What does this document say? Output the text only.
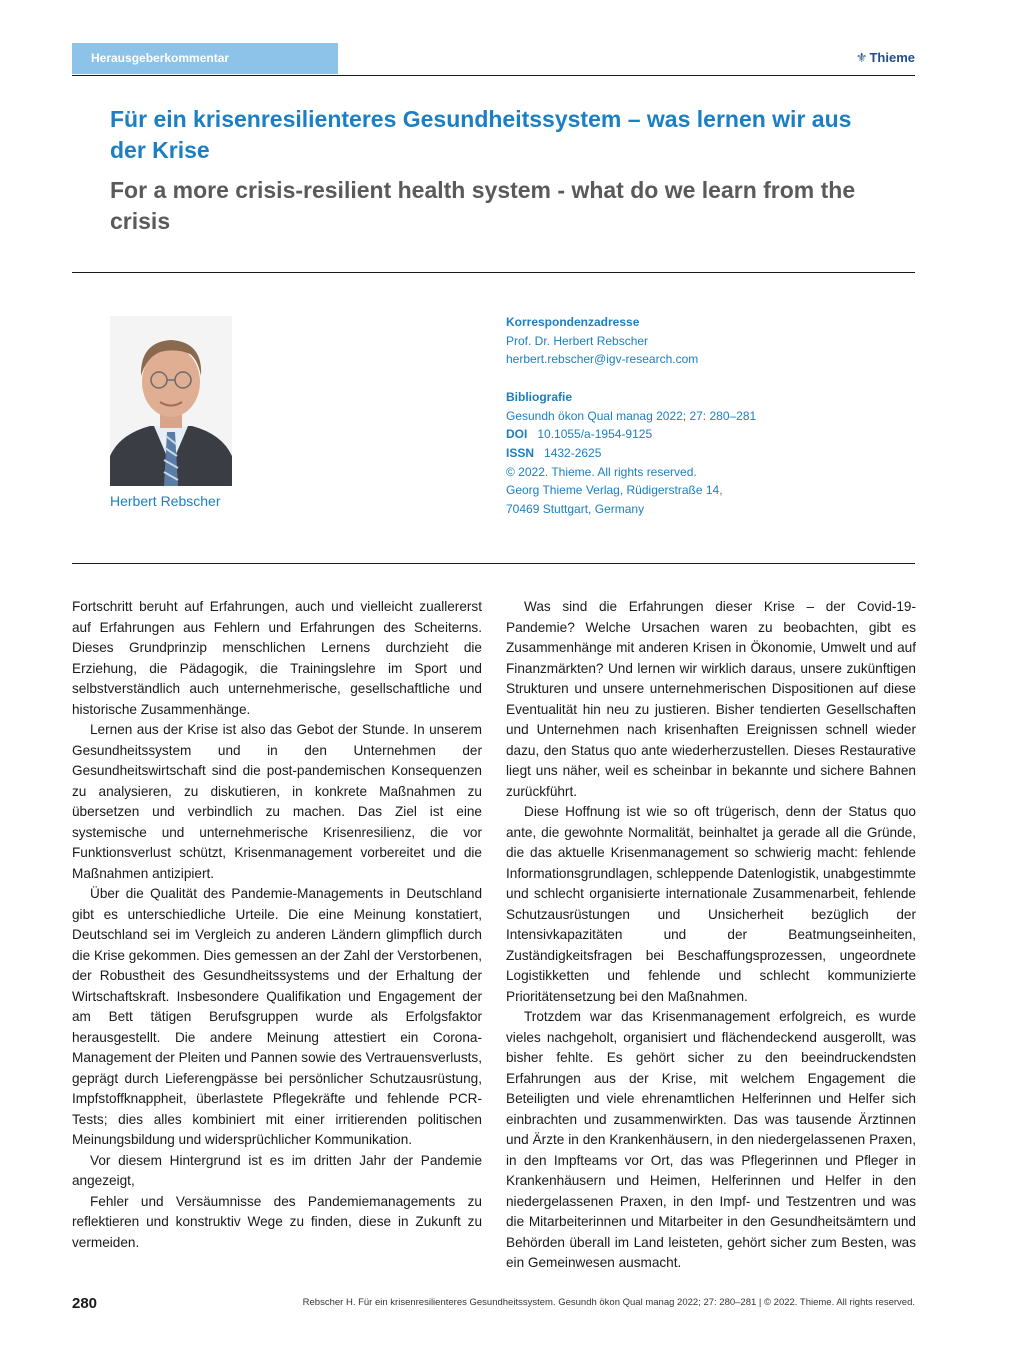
Herausgeberkommentar	⚜ Thieme
Für ein krisenresilienteres Gesundheitssystem – was lernen wir aus der Krise
For a more crisis-resilient health system - what do we learn from the crisis
Herbert Rebscher
Korrespondenzadresse
Prof. Dr. Herbert Rebscher
herbert.rebscher@igv-research.com
Bibliografie
Gesundh ökon Qual manag 2022; 27: 280–281
DOI 10.1055/a-1954-9125
ISSN 1432-2625
© 2022. Thieme. All rights reserved.
Georg Thieme Verlag, Rüdigerstraße 14,
70469 Stuttgart, Germany

Fortschritt beruht auf Erfahrungen, auch und vielleicht zuallererst auf Erfahrungen aus Fehlern und Erfahrungen des Scheiterns. Dieses Grundprinzip menschlichen Lernens durchzieht die Erziehung, die Pädagogik, die Trainingslehre im Sport und selbstverständlich auch unternehmerische, gesellschaftliche und historische Zusammenhänge.

Lernen aus der Krise ist also das Gebot der Stunde. In unserem Gesundheitssystem und in den Unternehmen der Gesundheitswirtschaft sind die post-pandemischen Konsequenzen zu analysieren, zu diskutieren, in konkrete Maßnahmen zu übersetzen und verbindlich zu machen. Das Ziel ist eine systemische und unternehmerische Krisenresilienz, die vor Funktionsverlust schützt, Krisenmanagement vorbereitet und die Maßnahmen antizipiert.

Über die Qualität des Pandemie-Managements in Deutschland gibt es unterschiedliche Urteile. Die eine Meinung konstatiert, Deutschland sei im Vergleich zu anderen Ländern glimpflich durch die Krise gekommen. Dies gemessen an der Zahl der Verstorbenen, der Robustheit des Gesundheitssystems und der Erhaltung der Wirtschaftskraft. Insbesondere Qualifikation und Engagement der am Bett tätigen Berufsgruppen wurde als Erfolgsfaktor herausgestellt. Die andere Meinung attestiert ein Corona-Management der Pleiten und Pannen sowie des Vertrauensverlusts, geprägt durch Lieferengpässe bei persönlicher Schutzausrüstung, Impfstoffknappheit, überlastete Pflegekräfte und fehlende PCR-Tests; dies alles kombiniert mit einer irritierenden politischen Meinungsbildung und widersprüchlicher Kommunikation.

Vor diesem Hintergrund ist es im dritten Jahr der Pandemie angezeigt,

Fehler und Versäumnisse des Pandemiemanagements zu reflektieren und konstruktiv Wege zu finden, diese in Zukunft zu vermeiden.

Was sind die Erfahrungen dieser Krise – der Covid-19-Pandemie? Welche Ursachen waren zu beobachten, gibt es Zusammenhänge mit anderen Krisen in Ökonomie, Umwelt und auf Finanzmärkten? Und lernen wir wirklich daraus, unsere zukünftigen Strukturen und unsere unternehmerischen Dispositionen auf diese Eventualität hin neu zu justieren. Bisher tendierten Gesellschaften und Unternehmen nach krisenhaften Ereignissen schnell wieder dazu, den Status quo ante wiederherzustellen. Dieses Restaurative liegt uns näher, weil es scheinbar in bekannte und sichere Bahnen zurückführt.

Diese Hoffnung ist wie so oft trügerisch, denn der Status quo ante, die gewohnte Normalität, beinhaltet ja gerade all die Gründe, die das aktuelle Krisenmanagement so schwierig macht: fehlende Informationsgrundlagen, schleppende Datenlogistik, unabgestimmte und schlecht organisierte internationale Zusammenarbeit, fehlende Schutzausrüstungen und Unsicherheit bezüglich der Intensivkapazitäten und der Beatmungseinheiten, Zuständigkeitsfragen bei Beschaffungsprozessen, ungeordnete Logistikketten und fehlende und schlecht kommunizierte Prioritätensetzung bei den Maßnahmen.

Trotzdem war das Krisenmanagement erfolgreich, es wurde vieles nachgeholt, organisiert und flächendeckend ausgerollt, was bisher fehlte. Es gehört sicher zu den beeindruckendsten Erfahrungen aus der Krise, mit welchem Engagement die Beteiligten und viele ehrenamtlichen Helferinnen und Helfer sich einbrachten und zusammenwirkten. Das was tausende Ärztinnen und Ärzte in den Krankenhäusern, in den niedergelassenen Praxen, in den Impfteams vor Ort, das was Pflegerinnen und Pfleger in Krankenhäusern und Heimen, Helferinnen und Helfer in den niedergelassenen Praxen, in den Impf- und Testzentren und was die Mitarbeiterinnen und Mitarbeiter in den Gesundheitsämtern und Behörden überall im Land leisteten, gehört sicher zum Besten, was ein Gemeinwesen ausmacht.

280	Rebscher H. Für ein krisenresilienteres Gesundheitssystem. Gesundh ökon Qual manag 2022; 27: 280–281 | © 2022. Thieme. All rights reserved.
